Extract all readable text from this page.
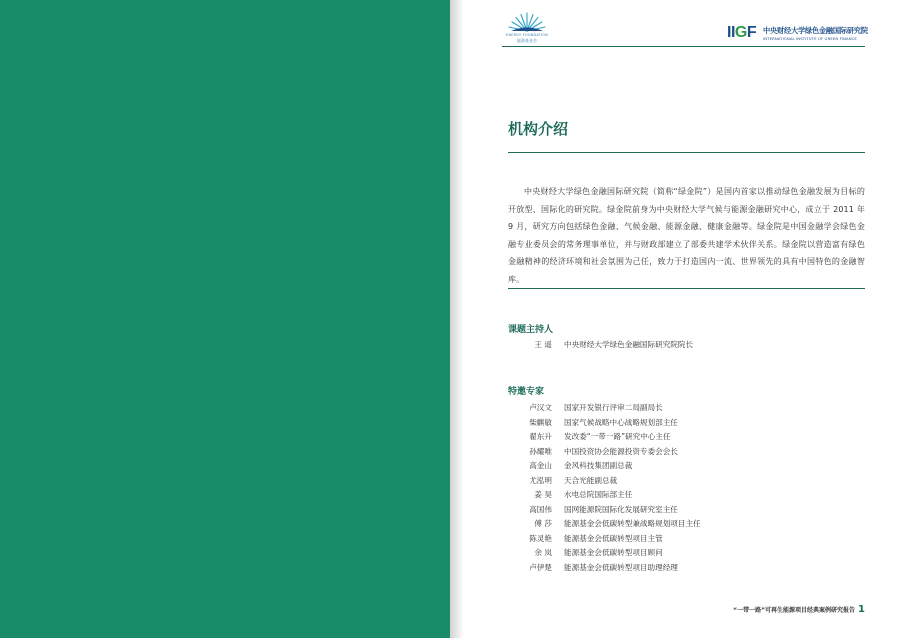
ENERGY FOUNDATION
能源基金会	IIGF 中央财经大学绿色金融国际研究院
INTERNATIONAL INSTITUTE OF GREEN FINANCE
机构介绍
中央财经大学绿色金融国际研究院（简称“绿金院”）是国内首家以推动绿色金融发展为目标的开放型、国际化的研究院。绿金院前身为中央财经大学气候与能源金融研究中心，成立于 2011 年 9 月，研究方向包括绿色金融、气候金融、能源金融、健康金融等。绿金院是中国金融学会绿色金融专业委员会的常务理事单位，并与财政部建立了部委共建学术伙伴关系。绿金院以营造富有绿色金融精神的经济环境和社会氛围为己任，致力于打造国内一流、世界领先的具有中国特色的金融智库。
课题主持人
王 遥 中央财经大学绿色金融国际研究院院长
特邀专家
卢汉文 国家开发银行评审二局副局长
柴麒敏 国家气候战略中心战略规划部主任
翟东升 发改委“一带一路”研究中心主任
孙耀唯 中国投资协会能源投资专委会会长
高金山 金风科技集团副总裁
尤泓明 天合光能副总裁
姜 昊 水电总院国际部主任
高国伟 国网能源院国际化发展研究室主任
傅 莎 能源基金会低碳转型兼战略规划项目主任
陈灵艳 能源基金会低碳转型项目主管
余 岚 能源基金会低碳转型项目顾问
卢伊楚 能源基金会低碳转型项目助理经理
“一带一路”可再生能源项目经典案例研究报告 1
